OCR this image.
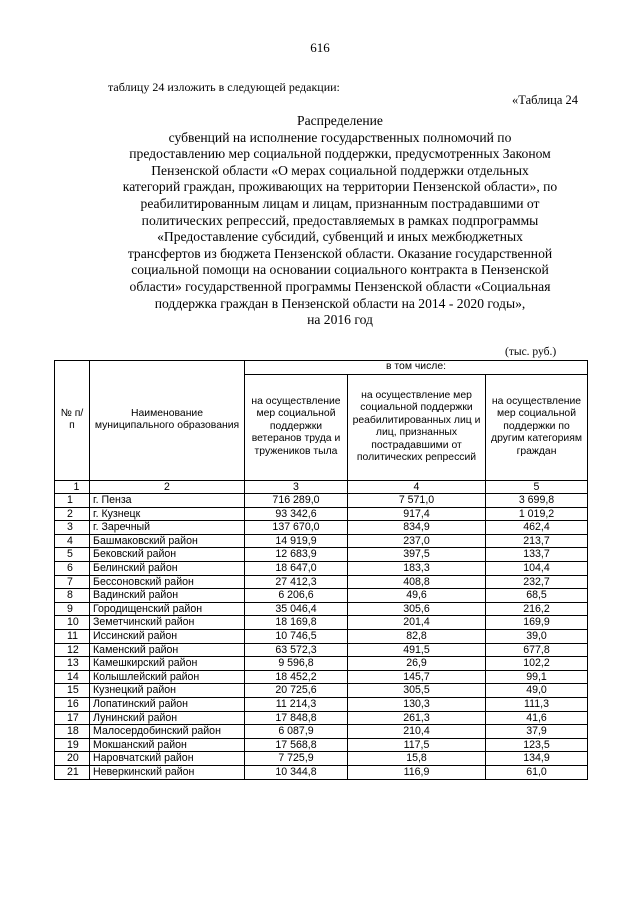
616
таблицу 24 изложить в следующей редакции:
«Таблица 24
Распределение
субвенций на исполнение государственных полномочий по
предоставлению мер социальной поддержки, предусмотренных Законом
Пензенской области «О мерах социальной поддержки отдельных
категорий граждан, проживающих на территории Пензенской области», по
реабилитированным лицам и лицам, признанным пострадавшими от
политических репрессий, предоставляемых в рамках подпрограммы
«Предоставление субсидий, субвенций и иных межбюджетных
трансфертов из бюджета Пензенской области. Оказание государственной
социальной помощи на основании социального контракта в Пензенской
области» государственной программы Пензенской области «Социальная
поддержка граждан в Пензенской области на 2014 - 2020 годы»,
на 2016 год
(тыс. руб.)
№ п/п	Наименование муниципального образования	в том числе:		
		на осуществление мер социальной поддержки ветеранов труда и тружеников тыла	на осуществление мер социальной поддержки реабилитированных лиц и лиц, признанных пострадавшими от политических репрессий	на осуществление мер социальной поддержки по другим категориям граждан
1	2	3	4	5
1	г. Пенза	716 289,0	7 571,0	3 699,8
2	г. Кузнецк	93 342,6	917,4	1 019,2
3	г. Заречный	137 670,0	834,9	462,4
4	Башмаковский район	14 919,9	237,0	213,7
5	Бековский район	12 683,9	397,5	133,7
6	Белинский район	18 647,0	183,3	104,4
7	Бессоновский район	27 412,3	408,8	232,7
8	Вадинский район	6 206,6	49,6	68,5
9	Городищенский район	35 046,4	305,6	216,2
10	Земетчинский район	18 169,8	201,4	169,9
11	Иссинский район	10 746,5	82,8	39,0
12	Каменский район	63 572,3	491,5	677,8
13	Камешкирский район	9 596,8	26,9	102,2
14	Колышлейский район	18 452,2	145,7	99,1
15	Кузнецкий район	20 725,6	305,5	49,0
16	Лопатинский район	11 214,3	130,3	111,3
17	Лунинский район	17 848,8	261,3	41,6
18	Малосердобинский район	6 087,9	210,4	37,9
19	Мокшанский район	17 568,8	117,5	123,5
20	Наровчатский район	7 725,9	15,8	134,9
21	Неверкинский район	10 344,8	116,9	61,0
